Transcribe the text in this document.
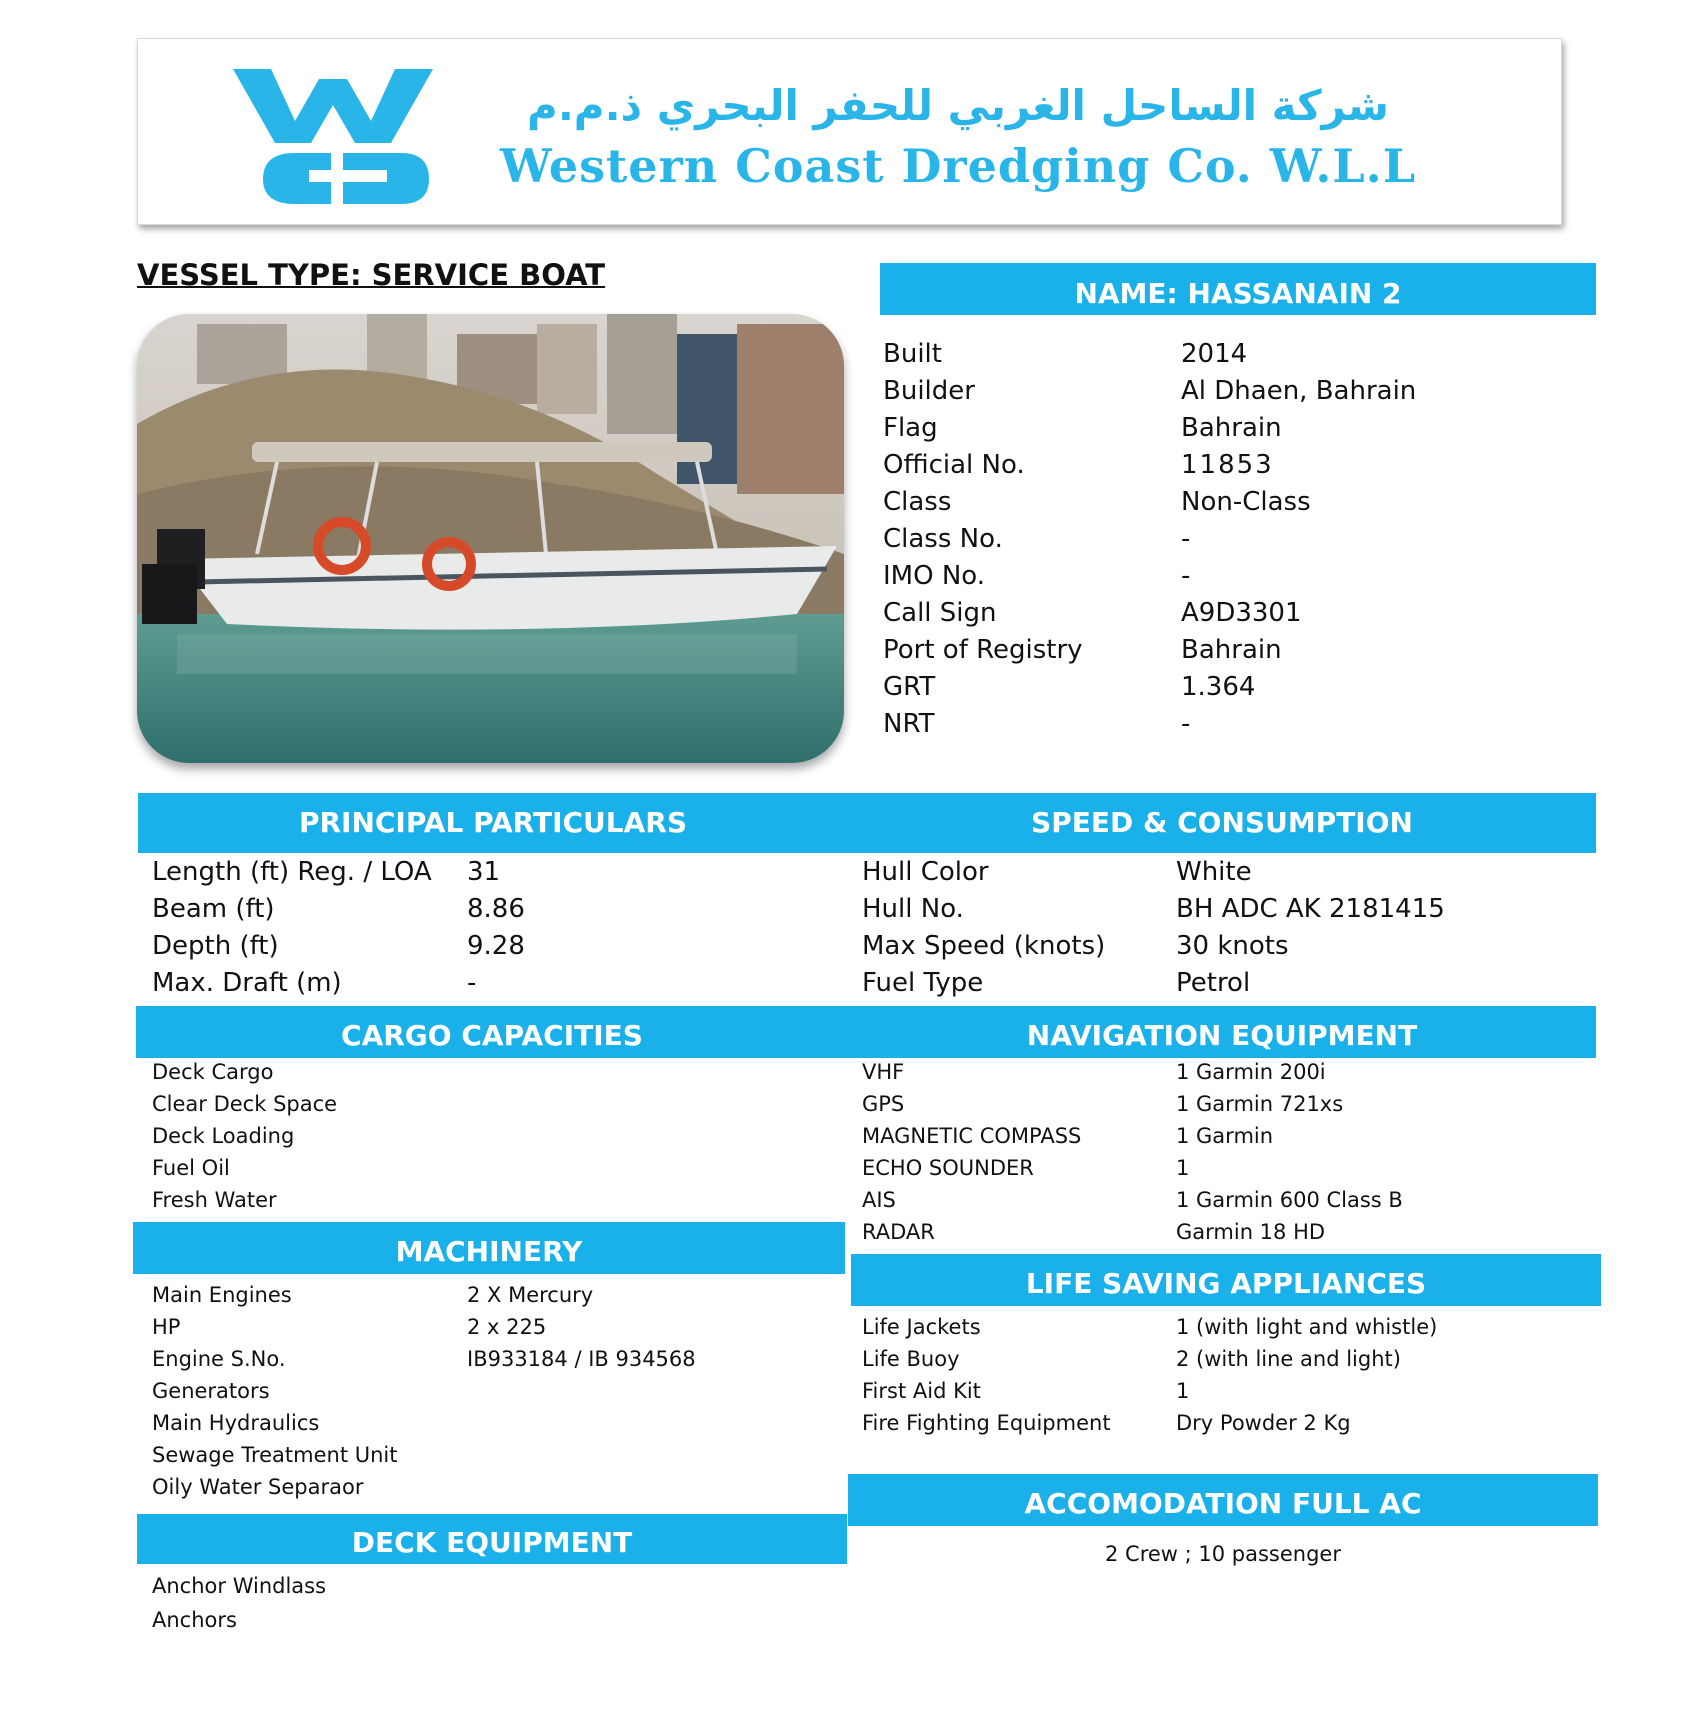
شركة الساحل الغربي للحفر البحري ذ.م.م
Western Coast Dredging Co. W.L.L
VESSEL TYPE: SERVICE BOAT
NAME: HASSANAIN 2
Built	2014
Builder	Al Dhaen, Bahrain
Flag	Bahrain
Official No.	11853
Class	Non-Class
Class No.	-
IMO No.	-
Call Sign	A9D3301
Port of Registry	Bahrain
GRT	1.364
NRT	-
PRINCIPAL PARTICULARS
Length (ft) Reg. / LOA 31
Beam (ft)	8.86
Depth (ft)	9.28
Max. Draft (m)	-
SPEED & CONSUMPTION
Hull Color	White
Hull No.	BH ADC AK 2181415
Max Speed (knots)	30 knots
Fuel Type	Petrol
CARGO CAPACITIES
Deck Cargo
Clear Deck Space
Deck Loading
Fuel Oil
Fresh Water
NAVIGATION EQUIPMENT
VHF	1 Garmin 200i
GPS	1 Garmin 721xs
MAGNETIC COMPASS	1 Garmin
ECHO SOUNDER	1
AIS	1 Garmin 600 Class B
RADAR	Garmin 18 HD
MACHINERY
Main Engines	2 X Mercury
HP	2 x 225
Engine S.No.	IB933184 / IB 934568
Generators
Main Hydraulics
Sewage Treatment Unit
Oily Water Separaor
LIFE SAVING APPLIANCES
Life Jackets	1 (with light and whistle)
Life Buoy	2 (with line and light)
First Aid Kit	1
Fire Fighting Equipment	Dry Powder 2 Kg
ACCOMODATION FULL AC
2 Crew ; 10 passenger
DECK EQUIPMENT
Anchor Windlass
Anchors
